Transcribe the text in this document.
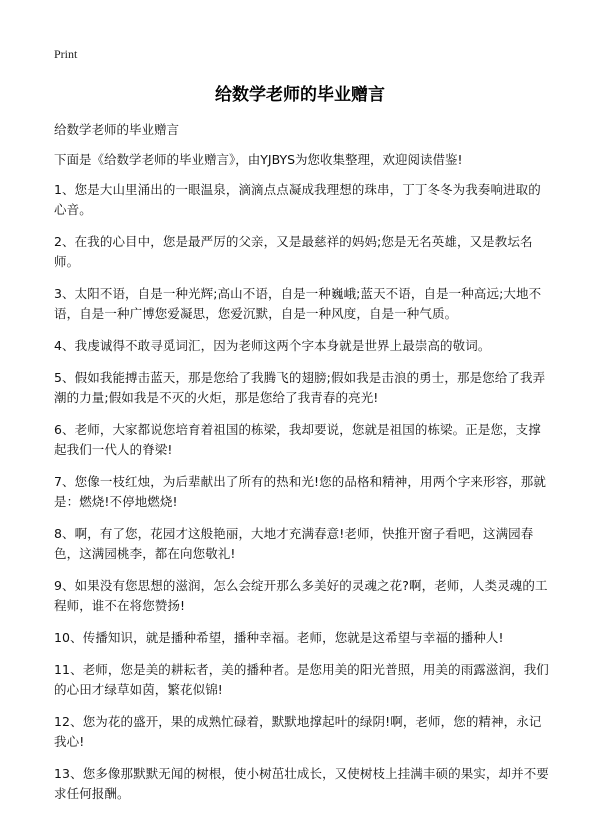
Print
给数学老师的毕业赠言

给数学老师的毕业赠言

下面是《给数学老师的毕业赠言》，由YJBYS为您收集整理，欢迎阅读借鉴!

1、您是大山里涌出的一眼温泉，滴滴点点凝成我理想的珠串，丁丁冬冬为我奏响进取的心音。

2、在我的心目中，您是最严厉的父亲，又是最慈祥的妈妈;您是无名英雄，又是教坛名师。

3、太阳不语，自是一种光辉;高山不语，自是一种巍峨;蓝天不语，自是一种高远;大地不语，自是一种广博您爱凝思，您爱沉默，自是一种风度，自是一种气质。

4、我虔诚得不敢寻觅词汇，因为老师这两个字本身就是世界上最崇高的敬词。

5、假如我能搏击蓝天，那是您给了我腾飞的翅膀;假如我是击浪的勇士，那是您给了我弄潮的力量;假如我是不灭的火炬，那是您给了我青春的亮光!

6、老师，大家都说您培育着祖国的栋梁，我却要说，您就是祖国的栋梁。正是您，支撑起我们一代人的脊梁!

7、您像一枝红烛，为后辈献出了所有的热和光!您的品格和精神，用两个字来形容，那就是：燃烧!不停地燃烧!

8、啊，有了您，花园才这般艳丽，大地才充满春意!老师，快推开窗子看吧，这满园春色，这满园桃李，都在向您敬礼!

9、如果没有您思想的滋润，怎么会绽开那么多美好的灵魂之花?啊，老师，人类灵魂的工程师，谁不在将您赞扬!

10、传播知识，就是播种希望，播种幸福。老师，您就是这希望与幸福的播种人!

11、老师，您是美的耕耘者，美的播种者。是您用美的阳光普照，用美的雨露滋润，我们的心田才绿草如茵，繁花似锦!

12、您为花的盛开，果的成熟忙碌着，默默地撑起叶的绿阴!啊，老师，您的精神，永记我心!

13、您多像那默默无闻的树根，使小树茁壮成长，又使树枝上挂满丰硕的果实，却并不要求任何报酬。
